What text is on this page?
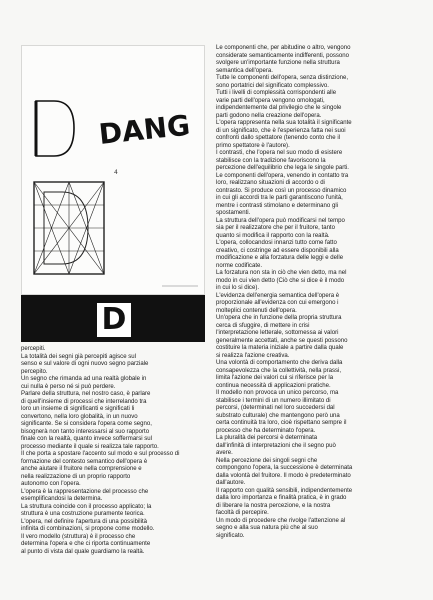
DANG
4
D

percepiti.

La totalità dei segni già percepiti agisce sul

senso e sul valore di ogni nuovo segno parziale

percepito.

Un segno che rimanda ad una realtà globale in

cui nulla è perso né si può perdere.

Parlare della struttura, nel nostro caso, è parlare

di quell'insieme di processi che interrelando tra

loro un insieme di significanti e significati li

convertono, nella loro globalità, in un nuovo

significante. Se si considera l'opera come segno,

bisognerà non tanto interessarsi al suo rapporto

finale con la realtà, quanto invece soffermarsi sul

processo mediante il quale si realizza tale rapporto.

Il che porta a spostare l'accento sul modo e sul processo di

formazione del contesto semantico dell'opera è

anche aiutare il fruitore nella comprensione e

nella realizzazione di un proprio rapporto

autonomo con l'opera.

L'opera è la rappresentazione del processo che

esemplificandosi la determina.

La struttura coincide con il processo applicato; la

struttura è una costruzione puramente teorica.

L'opera, nel definire l'apertura di una possibilità

infinita di combinazioni, si propone come modello.

Il vero modello (struttura) è il processo che

determina l'opera e che ci riporta continuamente

al punto di vista dal quale guardiamo la realtà.

Le componenti che, per abitudine o altro, vengono

considerate semanticamente indifferenti, possono

svolgere un'importante funzione nella struttura

semantica dell'opera.

Tutte le componenti dell'opera, senza distinzione,

sono portatrici del significato complessivo.

Tutti i livelli di complessità corrispondenti alle

varie parti dell'opera vengono omologati,

indipendentemente dal privilegio che le singole

parti godono nella creazione dell'opera.

L'opera rappresenta nella sua totalità il significante

di un significato, che è l'esperienza fatta nei suoi

confronti dallo spettatore (tenendo conto che il

primo spettatore è l'autore).

I contrasti, che l'opera nel suo modo di esistere

stabilisce con la tradizione favoriscono la

percezione dell'equilibrio che lega le singole parti.

Le componenti dell'opera, venendo in contatto tra

loro, realizzano situazioni di accordo o di

contrasto. Si produce così un processo dinamico

in cui gli accordi tra le parti garantiscono l'unità,

mentre i contrasti stimolano e determinano gli

spostamenti.

La struttura dell'opera può modificarsi nel tempo

sia per il realizzatore che per il fruitore, tanto

quanto si modifica il rapporto con la realtà.

L'opera, collocandosi innanzi tutto come fatto

creativo, ci costringe ad essere disponibili alla

modificazione e alla forzatura delle leggi e delle

norme codificate.

La forzatura non sta in ciò che vien detto, ma nel

modo in cui vien detto (Ciò che si dice è il modo

in cui lo si dice).

L'evidenza dell'energia semantica dell'opera è

proporzionale all'evidenza con cui emergono i

molteplici contenuti dell'opera.

Un'opera che in funzione della propria struttura

cerca di sfuggire, di mettere in crisi

l'interpretazione letterale, sottomessa ai valori

generalmente accettati, anche se questi possono

costituire la materia iniziale a partire dalla quale

si realizza l'azione creativa.

Una volontà di comportamento che deriva dalla

consapevolezza che la collettività, nella prassi,

limita l'azione dei valori cui si riferisce per la

continua necessità di applicazioni pratiche.

Il modello non provoca un unico percorso, ma

stabilisce i termini di un numero illimitato di

percorsi, (determinati nel loro succedersi dal

substrato culturale) che mantengono però una

certa continuità tra loro, cioè rispettano sempre il

processo che ha determinato l'opera.

La pluralità dei percorsi è determinata

dall'infinità di interpretazioni che il segno può

avere.

Nella percezione dei singoli segni che

compongono l'opera, la successione è determinata

dalla volontà del fruitore. Il modo è predeterminato

dall'autore.

Il rapporto con qualità sensibili, indipendentemente

dalla loro importanza e finalità pratica, è in grado

di liberare la nostra percezione, e la nostra

facoltà di percepire.

Un modo di procedere che rivolge l'attenzione al

segno e alla sua natura più che al suo

significato.
